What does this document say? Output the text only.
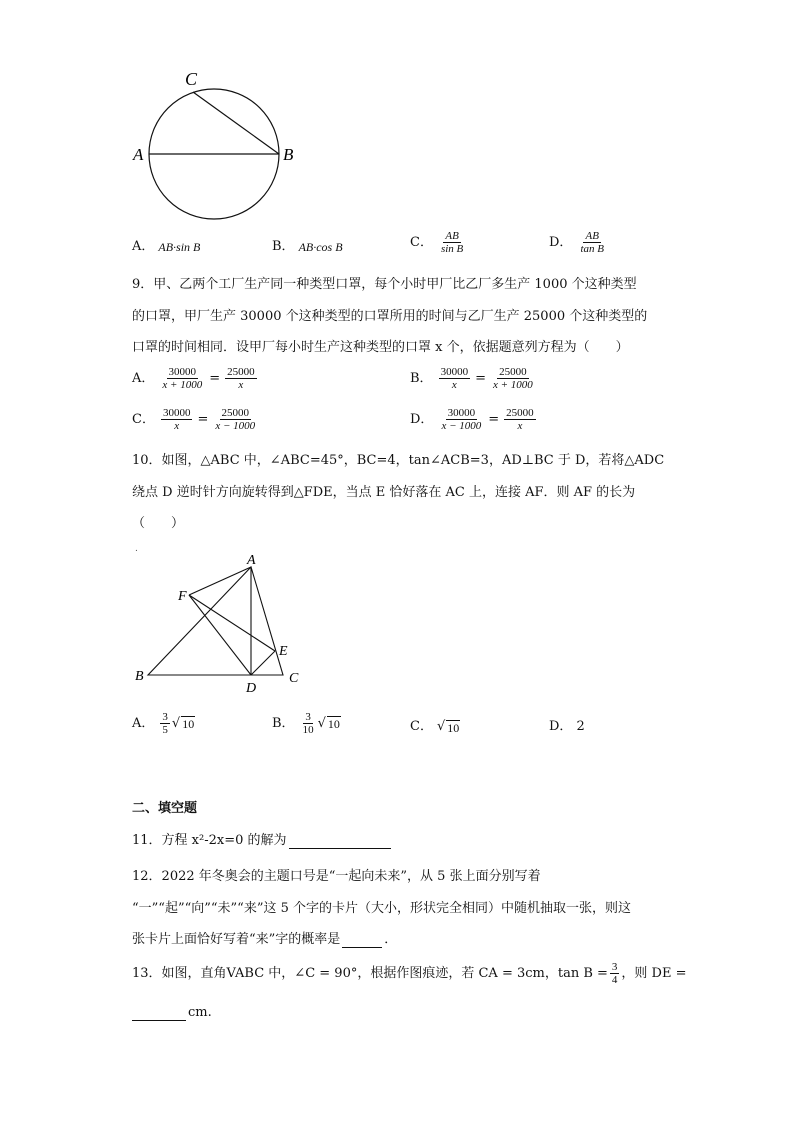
C
A	B
A． AB·sin B	B． AB·cos B	C． $\frac{AB}{\text{sin B}}$	D． $\frac{AB}{\text{tan B}}$
9．甲、乙两个工厂生产同一种类型口罩，每个小时甲厂比乙厂多生产 1000 个这种类型
的口罩，甲厂生产 30000 个这种类型的口罩所用的时间与乙厂生产 25000 个这种类型的
口罩的时间相同．设甲厂每小时生产这种类型的口罩 x 个，依据题意列方程为（　　）
A． $\frac{30000}{x + 1000} = \frac{25000}{x}$	B． $\frac{30000}{x} = \frac{25000}{x + 1000}$
C． $\frac{30000}{x} = \frac{25000}{x - 1000}$	D． $\frac{30000}{x - 1000} = \frac{25000}{x}$
10．如图，△ABC 中，∠ABC=45°，BC=4，tan∠ACB=3，AD⊥BC 于 D，若将△ADC
绕点 D 逆时针方向旋转得到△FDE，当点 E 恰好落在 AC 上，连接 AF．则 AF 的长为
（　　）
.
A
F
E
B
D
C
A． $\frac{3}{5}$ √ 10	B． $\frac{3}{10}$ √ 10	C． √ 10	D． 2
二、填空题
11．方程 x²-2x=0 的解为
12．2022 年冬奥会的主题口号是“一起向未来”，从 5 张上面分别写着
“一”“起”“向”“未”“来”这 5 个字的卡片（大小，形状完全相同）中随机抽取一张，则这
张卡片上面恰好写着“来”字的概率是	．
13．如图，直角VABC 中，∠C = 90°，根据作图痕迹，若 CA = 3cm，$\tan B = \frac{3}{4}$ ，则 DE =
cm.
